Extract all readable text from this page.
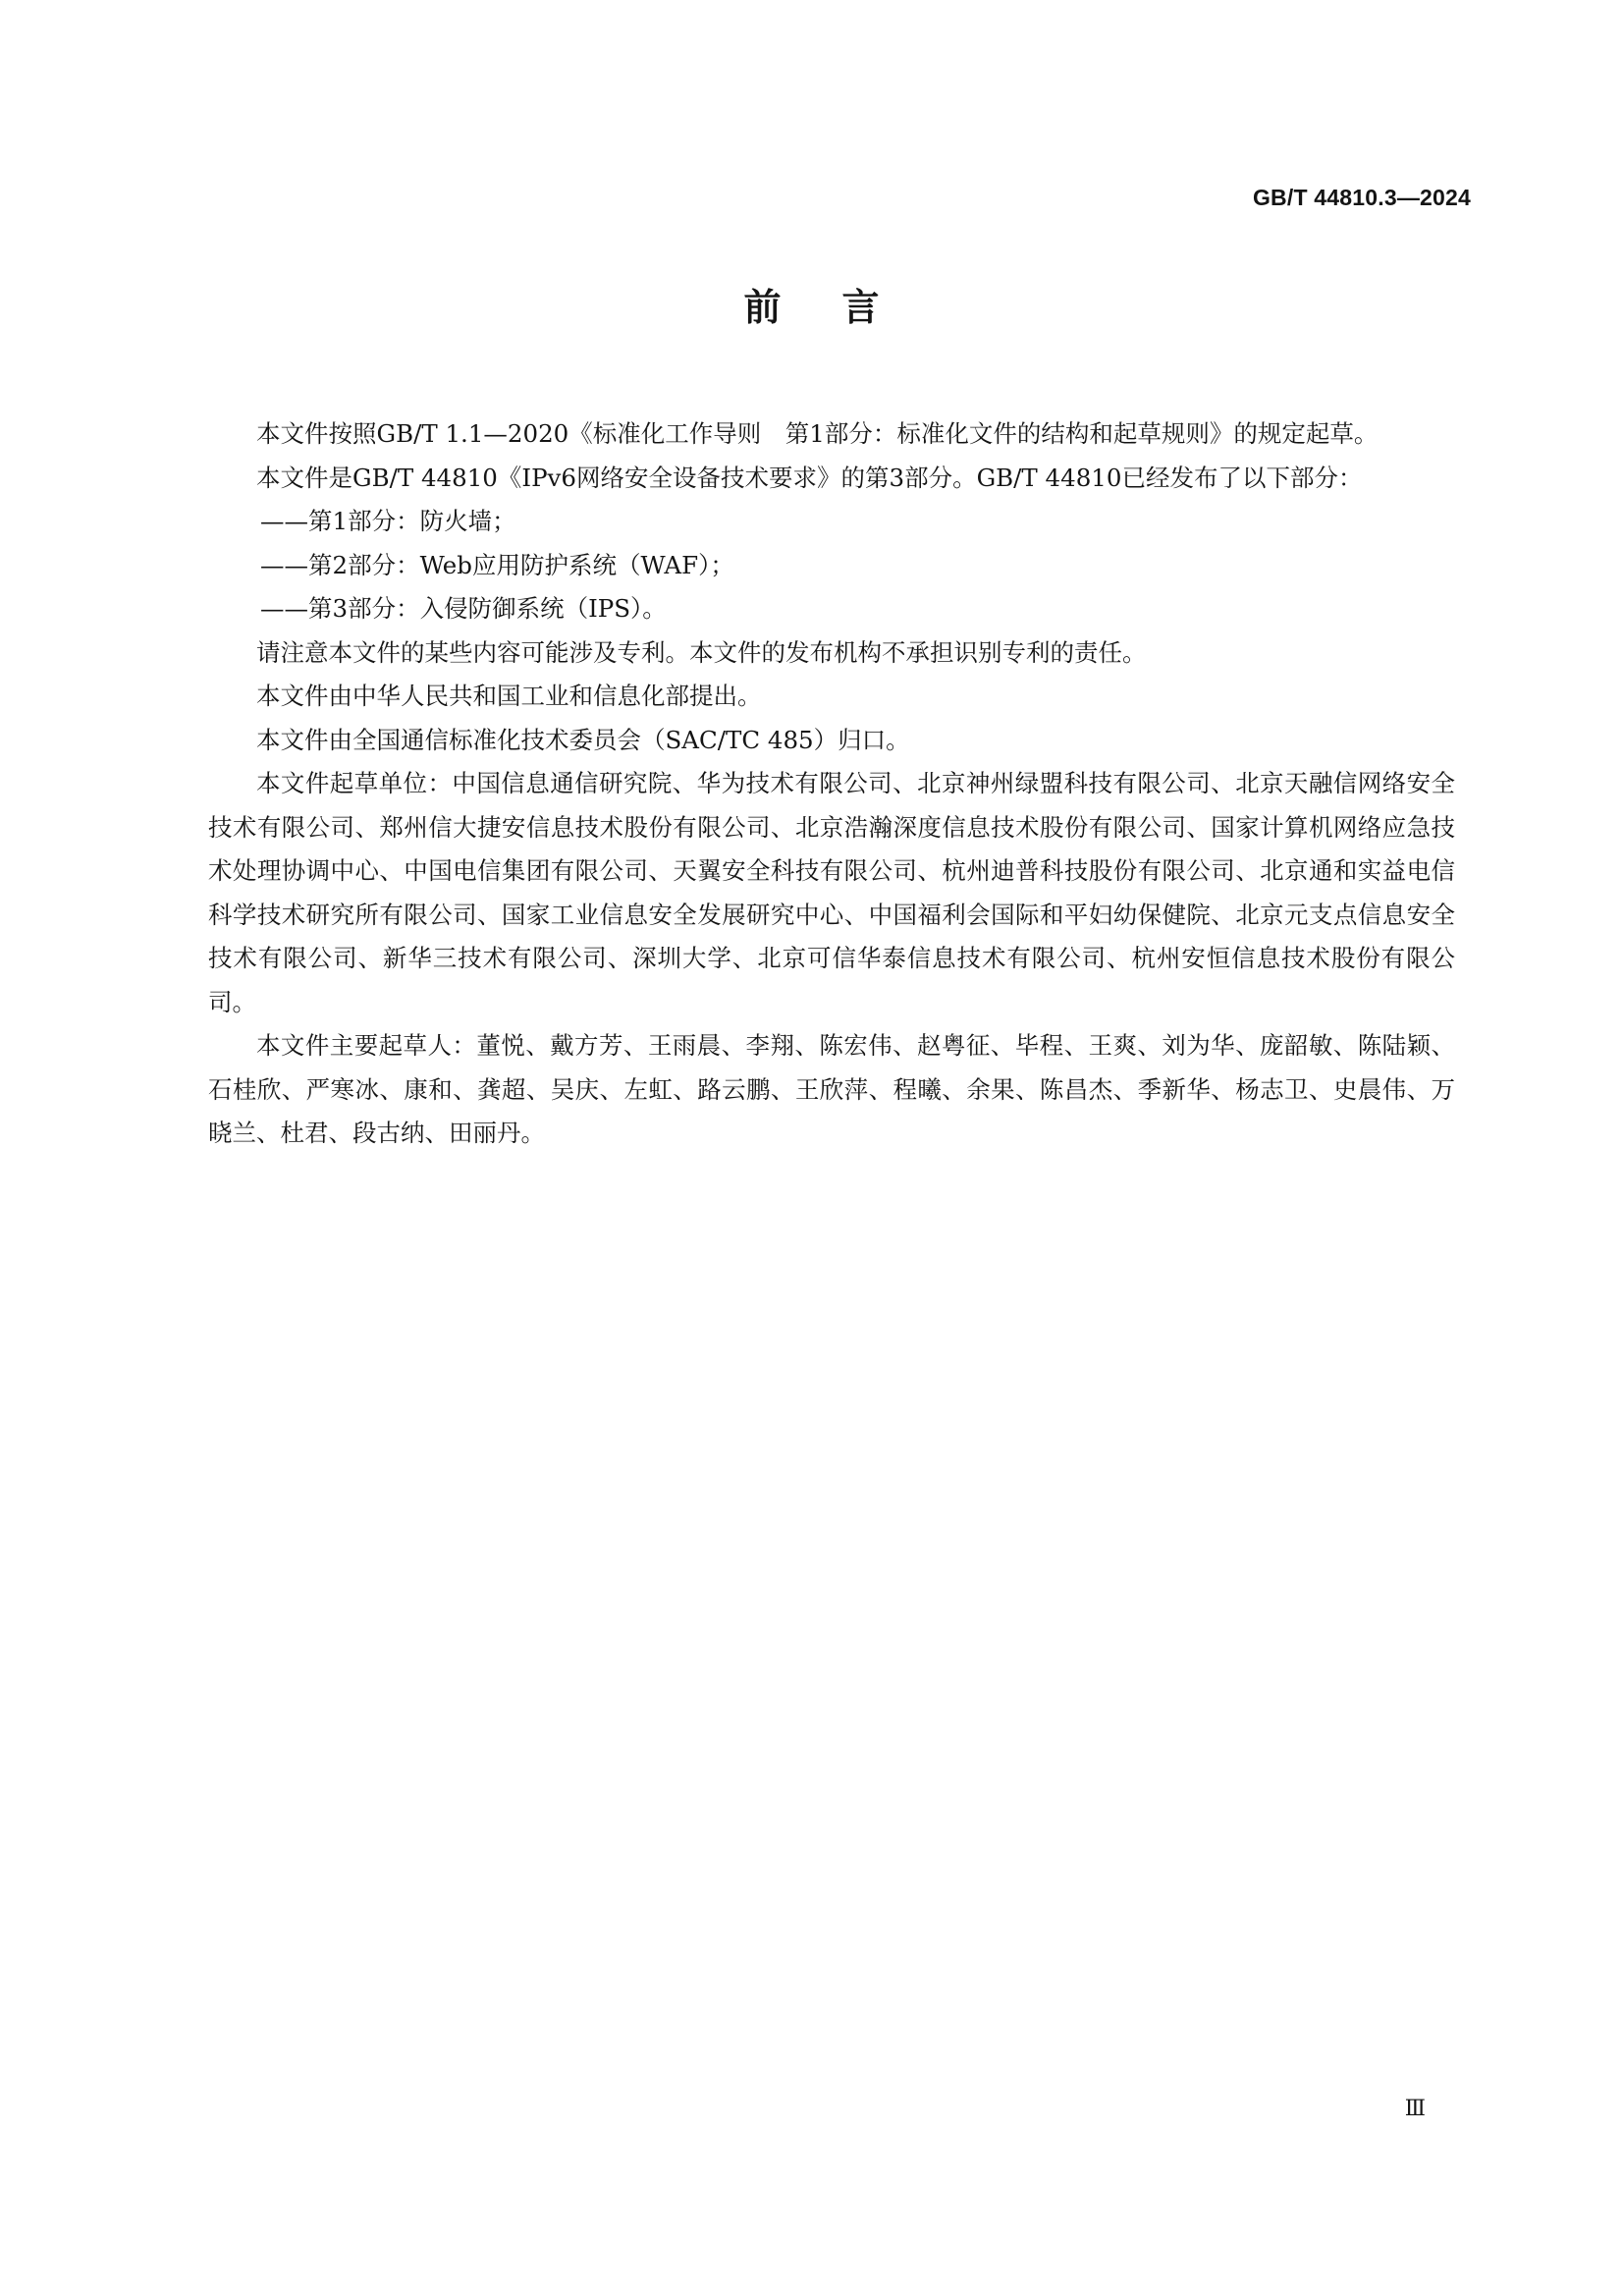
GB/T 44810.3—2024
前言

本文件按照GB/T 1.1—2020《标准化工作导则　第1部分：标准化文件的结构和起草规则》的规定起草。

本文件是GB/T 44810《IPv6网络安全设备技术要求》的第3部分。GB/T 44810已经发布了以下部分：

——第1部分：防火墙；

——第2部分：Web应用防护系统（WAF）；

——第3部分：入侵防御系统（IPS）。

请注意本文件的某些内容可能涉及专利。本文件的发布机构不承担识别专利的责任。

本文件由中华人民共和国工业和信息化部提出。

本文件由全国通信标准化技术委员会（SAC/TC 485）归口。

本文件起草单位：中国信息通信研究院、华为技术有限公司、北京神州绿盟科技有限公司、北京天融信网络安全技术有限公司、郑州信大捷安信息技术股份有限公司、北京浩瀚深度信息技术股份有限公司、国家计算机网络应急技术处理协调中心、中国电信集团有限公司、天翼安全科技有限公司、杭州迪普科技股份有限公司、北京通和实益电信科学技术研究所有限公司、国家工业信息安全发展研究中心、中国福利会国际和平妇幼保健院、北京元支点信息安全技术有限公司、新华三技术有限公司、深圳大学、北京可信华泰信息技术有限公司、杭州安恒信息技术股份有限公司。

本文件主要起草人：董悦、戴方芳、王雨晨、李翔、陈宏伟、赵粤征、毕程、王爽、刘为华、庞韶敏、陈陆颖、石桂欣、严寒冰、康和、龚超、吴庆、左虹、路云鹏、王欣萍、程曦、余果、陈昌杰、季新华、杨志卫、史晨伟、万晓兰、杜君、段古纳、田丽丹。

Ⅲ
